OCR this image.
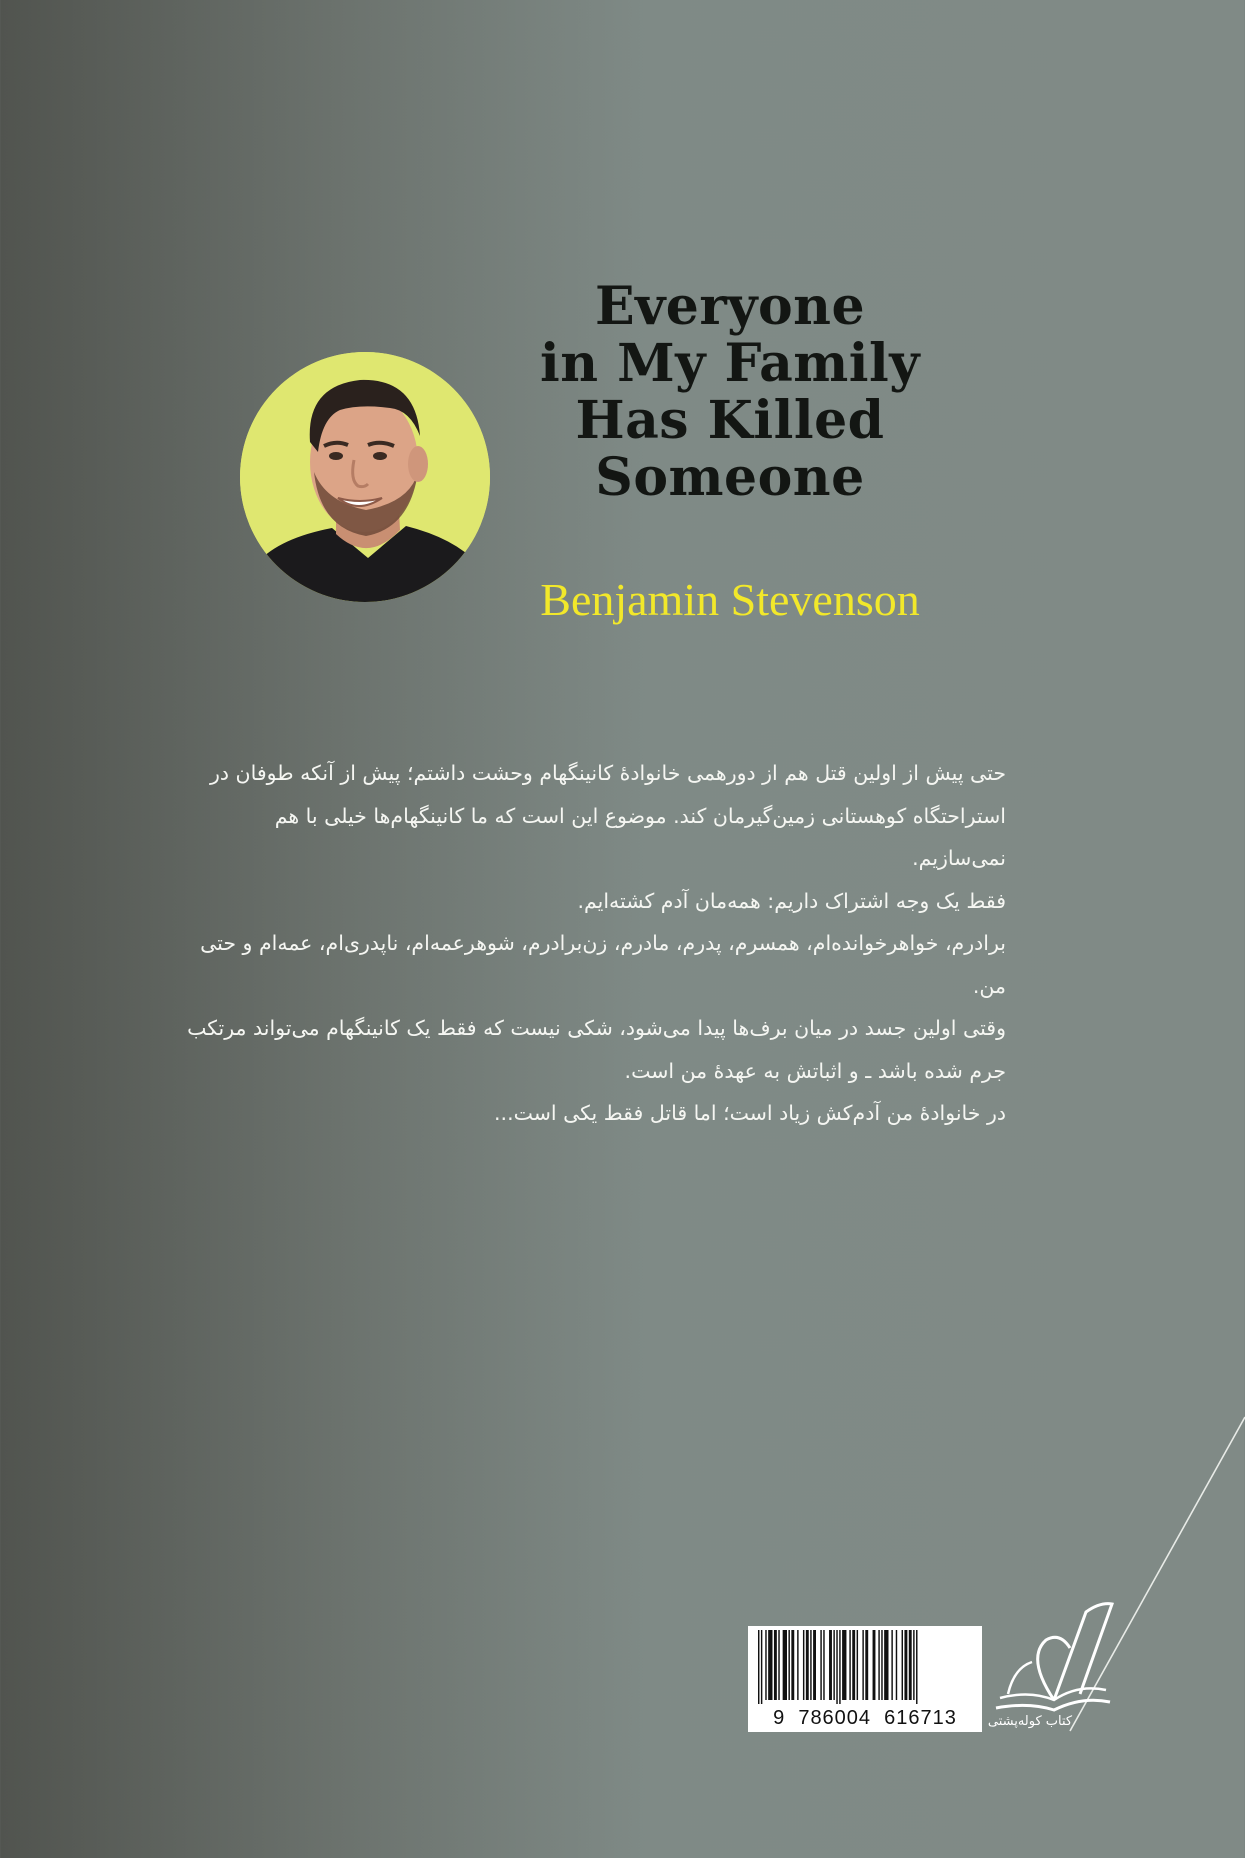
Everyone
in My Family
Has Killed
Someone
Benjamin Stevenson

حتی پیش از اولین قتل هم از دورهمی خانوادهٔ کانینگهام وحشت داشتم؛ پیش از آنکه طوفان در

استراحتگاه کوهستانی زمین‌گیرمان کند. موضوع این است که ما کانینگهام‌ها خیلی با هم نمی‌سازیم.

فقط یک وجه اشتراک داریم: همه‌مان آدم کشته‌ایم.

برادرم، خواهرخوانده‌ام، همسرم، پدرم، مادرم، زن‌برادرم، شوهرعمه‌ام، ناپدری‌ام، عمه‌ام و حتی من.

وقتی اولین جسد در میان برف‌ها پیدا می‌شود، شکی نیست که فقط یک کانینگهام می‌تواند مرتکب

جرم شده باشد ـ و اثباتش به عهدهٔ من است.

در خانوادهٔ من آدم‌کش زیاد است؛ اما قاتل فقط یکی است...

9  786004  616713	کتاب کوله‌پشتی
